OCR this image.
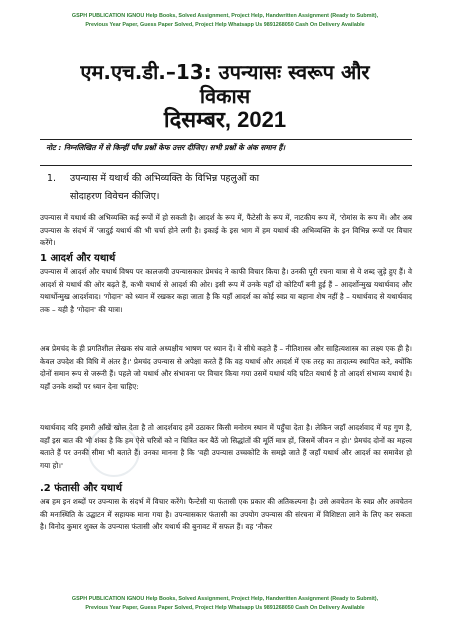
GSPH PUBLICATION IGNOU Help Books, Solved Assignment, Project Help, Handwritten Assignment (Ready to Submit),
Previous Year Paper, Guess Paper Solved, Project Help Whatsapp Us 9891268050 Cash On Delivery Available
एम.एच.डी.–13: उपन्यासः स्वरूप और
विकास
दिसम्बर, 2021
नोट : निम्नलिखित में से किन्हीं पाँच प्रश्नों केफ उत्तर दीजिए। सभी प्रश्नों के अंक समान हैं।
1. उपन्यास में यथार्थ की अभिव्यक्ति के विभिन्न पहलुओं का
सोदाहरण विवेचन कीजिए।
उपन्यास में यथार्थ की अभिव्यक्ति कई रूपों में हो सकती है। आदर्श के रूप में, फैंटेसी के रूप में, नाटकीय रूप में, 'रोमांस के रूप में। और अब उपन्यास के संदर्भ में 'जादुई यथार्थ की भी चर्चा होने लगी है। इकाई के इस भाग में हम यथार्थ की अभिव्यक्ति के इन विभिन्न रूपों पर विचार करेंगे।
1 आदर्श और यथार्थ
उपन्यास में आदर्श और यथार्थ विषय पर कालजयी उपन्यासकार प्रेमचंद ने काफी विचार किया है। उनकी पूरी रचना यात्रा से ये शब्द जुड़े हुए हैं। वे आदर्श से यथार्थ की ओर बढ़ते हैं, कभी यथार्थ से आदर्श की ओर। इसी रूप में उनके यहाँ दो कोटियाँ बनी हुई हैं – आदर्शोन्मुख यथार्थवाद और यथार्थोन्मुख आदर्शवाद। 'गोदान' को ध्यान में रखकर कहा जाता है कि यहाँ आदर्श का कोई स्वप्न या बहाना शेष नहीं है – यथार्थवाद से यथार्थवाद तक – यही है 'गोदान' की यात्रा।
अब प्रेमचंद के ही प्रगतिशील लेखक संघ वाले अध्यक्षीय भाषण पर ध्यान दें। वे सीधे कहते हैं – नीतिशास्त्र और साहित्यशास्त्र का लक्ष्य एक ही है। केवल उपदेश की विधि में अंतर है।' प्रेमचंद उपन्यास से अपेक्षा करते हैं कि वह यथार्थ और आदर्श में एक तरह का तादात्म्य स्थापित करे, क्योंकि दोनों समान रूप से जरूरी हैं। पहले जो यथार्थ और संभावना पर विचार किया गया उसमें यथार्थ यदि घटित यथार्थ है तो आदर्श संभाव्य यथार्थ है। यहाँ उनके शब्दों पर ध्यान देना चाहिए:
यथार्थवाद यदि हमारी आँखें खोल देता है तो आदर्शवाद हमें उठाकर किसी मनोरम स्थान में पहुँचा देता है। लेकिन जहाँ आदर्शवाद में यह गुण है, वहाँ इस बात की भी शंका है कि हम ऐसे चरित्रों को न चित्रित कर बैठें जो सिद्धांतों की मूर्ति मात्र हों, जिसमें जीवन न हो।' प्रेमचंद दोनों का महत्त्व बताते हैं पर उनकी सीमा भी बताते हैं। उनका मानना है कि 'वही उपन्यास उच्चकोटि के समझे जाते हैं जहाँ यथार्थ और आदर्श का समावेश हो गया हो।'
.2 फंतासी और यथार्थ
अब हम इन शब्दों पर उपन्यास के संदर्भ में विचार करेंगे। फैन्टेसी या फंतासी एक प्रकार की अतिकल्पना है। उसे अवचेतन के स्वप्न और अवचेतन की मनःस्थिति के उद्घाटन में सहायक माना गया है। उपन्यासकार फंतासी का उपयोग उपन्यास की संरचना में विशिष्टता लाने के लिए कर सकता है। विनोद कुमार शुक्ल के उपन्यास फंतासी और यथार्थ की बुनावट में सफल हैं। वह 'नौकर
GSPH PUBLICATION IGNOU Help Books, Solved Assignment, Project Help, Handwritten Assignment (Ready to Submit),
Previous Year Paper, Guess Paper Solved, Project Help Whatsapp Us 9891268050 Cash On Delivery Available
